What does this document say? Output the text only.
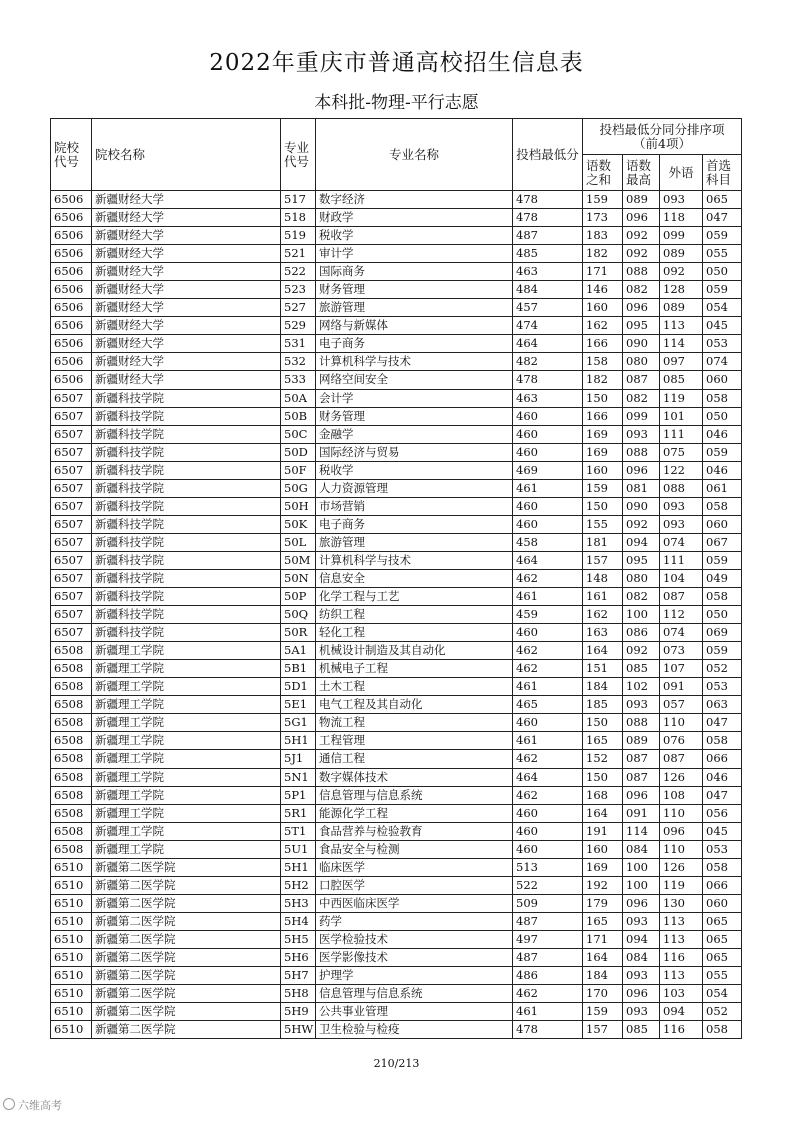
2022年重庆市普通高校招生信息表
本科批-物理-平行志愿
院校代号	院校名称	专业代号	专业名称	投档最低分	投档最低分同分排序项
（前4项）			

					语数之和	语数最高	外语	首选科目
6506	新疆财经大学	517	数字经济	478	159	089	093	065
6506	新疆财经大学	518	财政学	478	173	096	118	047
6506	新疆财经大学	519	税收学	487	183	092	099	059
6506	新疆财经大学	521	审计学	485	182	092	089	055
6506	新疆财经大学	522	国际商务	463	171	088	092	050
6506	新疆财经大学	523	财务管理	484	146	082	128	059
6506	新疆财经大学	527	旅游管理	457	160	096	089	054
6506	新疆财经大学	529	网络与新媒体	474	162	095	113	045
6506	新疆财经大学	531	电子商务	464	166	090	114	053
6506	新疆财经大学	532	计算机科学与技术	482	158	080	097	074
6506	新疆财经大学	533	网络空间安全	478	182	087	085	060
6507	新疆科技学院	50A	会计学	463	150	082	119	058
6507	新疆科技学院	50B	财务管理	460	166	099	101	050
6507	新疆科技学院	50C	金融学	460	169	093	111	046
6507	新疆科技学院	50D	国际经济与贸易	460	169	088	075	059
6507	新疆科技学院	50F	税收学	469	160	096	122	046
6507	新疆科技学院	50G	人力资源管理	461	159	081	088	061
6507	新疆科技学院	50H	市场营销	460	150	090	093	058
6507	新疆科技学院	50K	电子商务	460	155	092	093	060
6507	新疆科技学院	50L	旅游管理	458	181	094	074	067
6507	新疆科技学院	50M	计算机科学与技术	464	157	095	111	059
6507	新疆科技学院	50N	信息安全	462	148	080	104	049
6507	新疆科技学院	50P	化学工程与工艺	461	161	082	087	058
6507	新疆科技学院	50Q	纺织工程	459	162	100	112	050
6507	新疆科技学院	50R	轻化工程	460	163	086	074	069
6508	新疆理工学院	5A1	机械设计制造及其自动化	462	164	092	073	059
6508	新疆理工学院	5B1	机械电子工程	462	151	085	107	052
6508	新疆理工学院	5D1	土木工程	461	184	102	091	053
6508	新疆理工学院	5E1	电气工程及其自动化	465	185	093	057	063
6508	新疆理工学院	5G1	物流工程	460	150	088	110	047
6508	新疆理工学院	5H1	工程管理	461	165	089	076	058
6508	新疆理工学院	5J1	通信工程	462	152	087	087	066
6508	新疆理工学院	5N1	数字媒体技术	464	150	087	126	046
6508	新疆理工学院	5P1	信息管理与信息系统	462	168	096	108	047
6508	新疆理工学院	5R1	能源化学工程	460	164	091	110	056
6508	新疆理工学院	5T1	食品营养与检验教育	460	191	114	096	045
6508	新疆理工学院	5U1	食品安全与检测	460	160	084	110	053
6510	新疆第二医学院	5H1	临床医学	513	169	100	126	058
6510	新疆第二医学院	5H2	口腔医学	522	192	100	119	066
6510	新疆第二医学院	5H3	中西医临床医学	509	179	096	130	060
6510	新疆第二医学院	5H4	药学	487	165	093	113	065
6510	新疆第二医学院	5H5	医学检验技术	497	171	094	113	065
6510	新疆第二医学院	5H6	医学影像技术	487	164	084	116	065
6510	新疆第二医学院	5H7	护理学	486	184	093	113	055
6510	新疆第二医学院	5H8	信息管理与信息系统	462	170	096	103	054
6510	新疆第二医学院	5H9	公共事业管理	461	159	093	094	052
6510	新疆第二医学院	5HW	卫生检验与检疫	478	157	085	116	058
210/213
六维高考
